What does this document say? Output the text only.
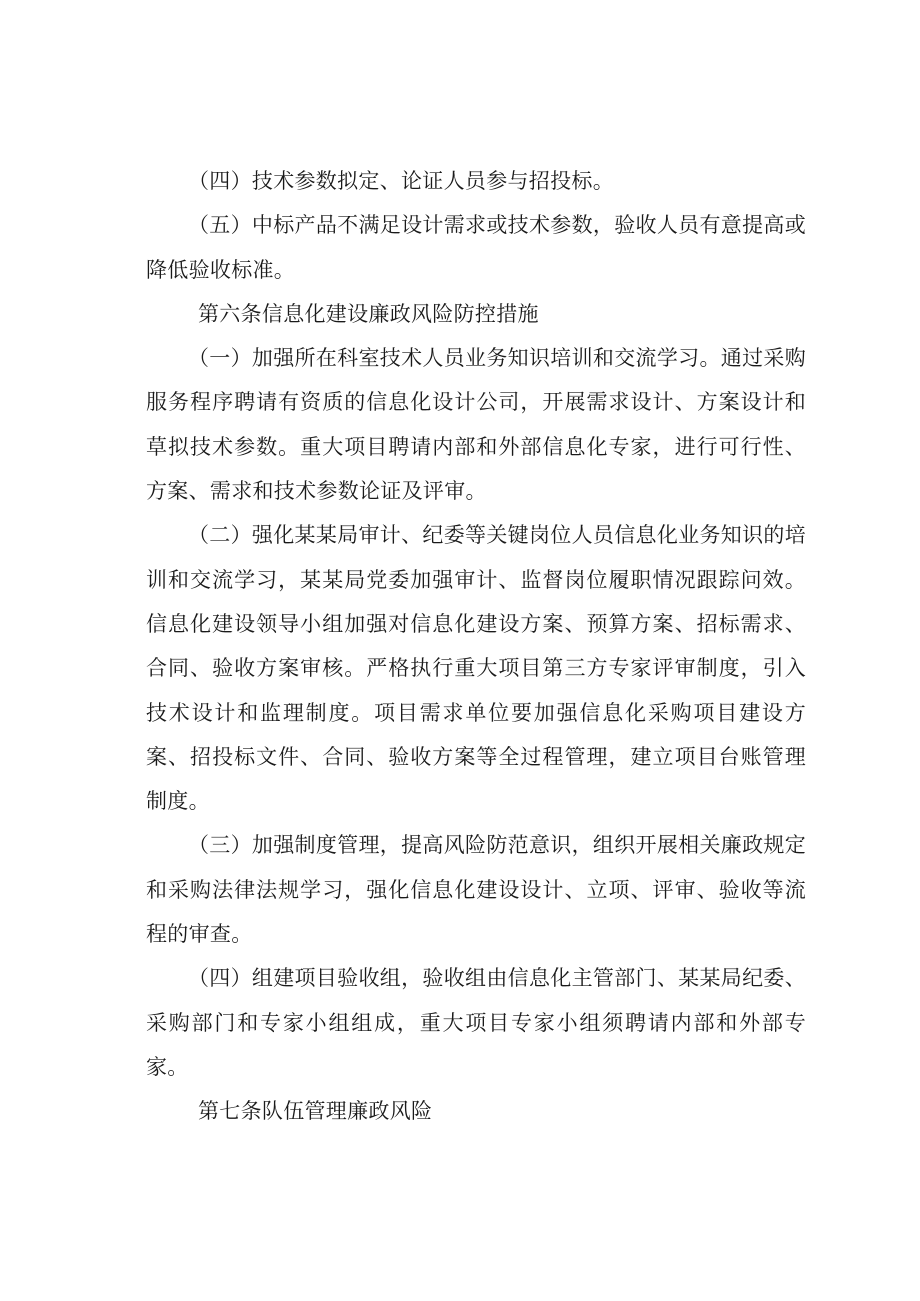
（四）技术参数拟定、论证人员参与招投标。

（五）中标产品不满足设计需求或技术参数，验收人员有意提高或降低验收标准。

第六条信息化建设廉政风险防控措施

（一）加强所在科室技术人员业务知识培训和交流学习。通过采购服务程序聘请有资质的信息化设计公司，开展需求设计、方案设计和草拟技术参数。重大项目聘请内部和外部信息化专家，进行可行性、方案、需求和技术参数论证及评审。

（二）强化某某局审计、纪委等关键岗位人员信息化业务知识的培训和交流学习，某某局党委加强审计、监督岗位履职情况跟踪问效。信息化建设领导小组加强对信息化建设方案、预算方案、招标需求、合同、验收方案审核。严格执行重大项目第三方专家评审制度，引入技术设计和监理制度。项目需求单位要加强信息化采购项目建设方案、招投标文件、合同、验收方案等全过程管理，建立项目台账管理制度。

（三）加强制度管理，提高风险防范意识，组织开展相关廉政规定和采购法律法规学习，强化信息化建设设计、立项、评审、验收等流程的审查。

（四）组建项目验收组，验收组由信息化主管部门、某某局纪委、采购部门和专家小组组成，重大项目专家小组须聘请内部和外部专家。

第七条队伍管理廉政风险
